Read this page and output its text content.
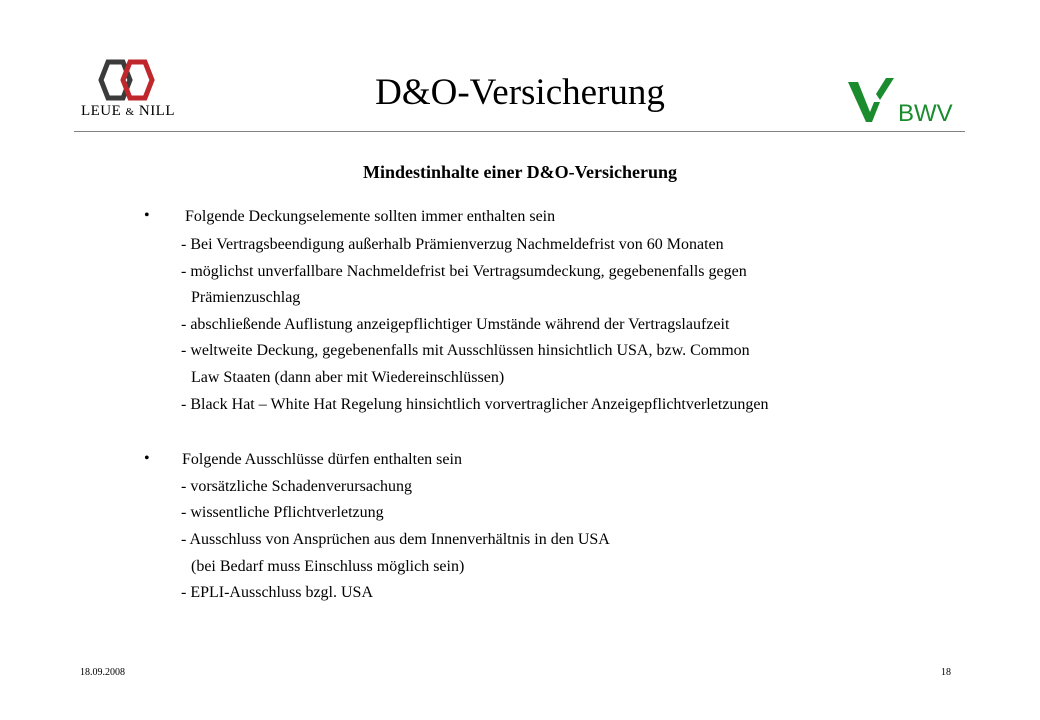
LEUE & NILL	D&O-Versicherung
BWV
Mindestinhalte einer D&O-Versicherung
• Folgende Deckungselemente sollten immer enthalten sein
- Bei Vertragsbeendigung außerhalb Prämienverzug Nachmeldefrist von 60 Monaten
- möglichst unverfallbare Nachmeldefrist bei Vertragsumdeckung, gegebenenfalls gegen
Prämienzuschlag
- abschließende Auflistung anzeigepflichtiger Umstände während der Vertragslaufzeit
- weltweite Deckung, gegebenenfalls mit Ausschlüssen hinsichtlich USA, bzw. Common
Law Staaten (dann aber mit Wiedereinschlüssen)
- Black Hat – White Hat Regelung hinsichtlich vorvertraglicher Anzeigepflichtverletzungen
• Folgende Ausschlüsse dürfen enthalten sein
- vorsätzliche Schadenverursachung
- wissentliche Pflichtverletzung
- Ausschluss von Ansprüchen aus dem Innenverhältnis in den USA
(bei Bedarf muss Einschluss möglich sein)
- EPLI-Ausschluss bzgl. USA
18.09.2008	18
